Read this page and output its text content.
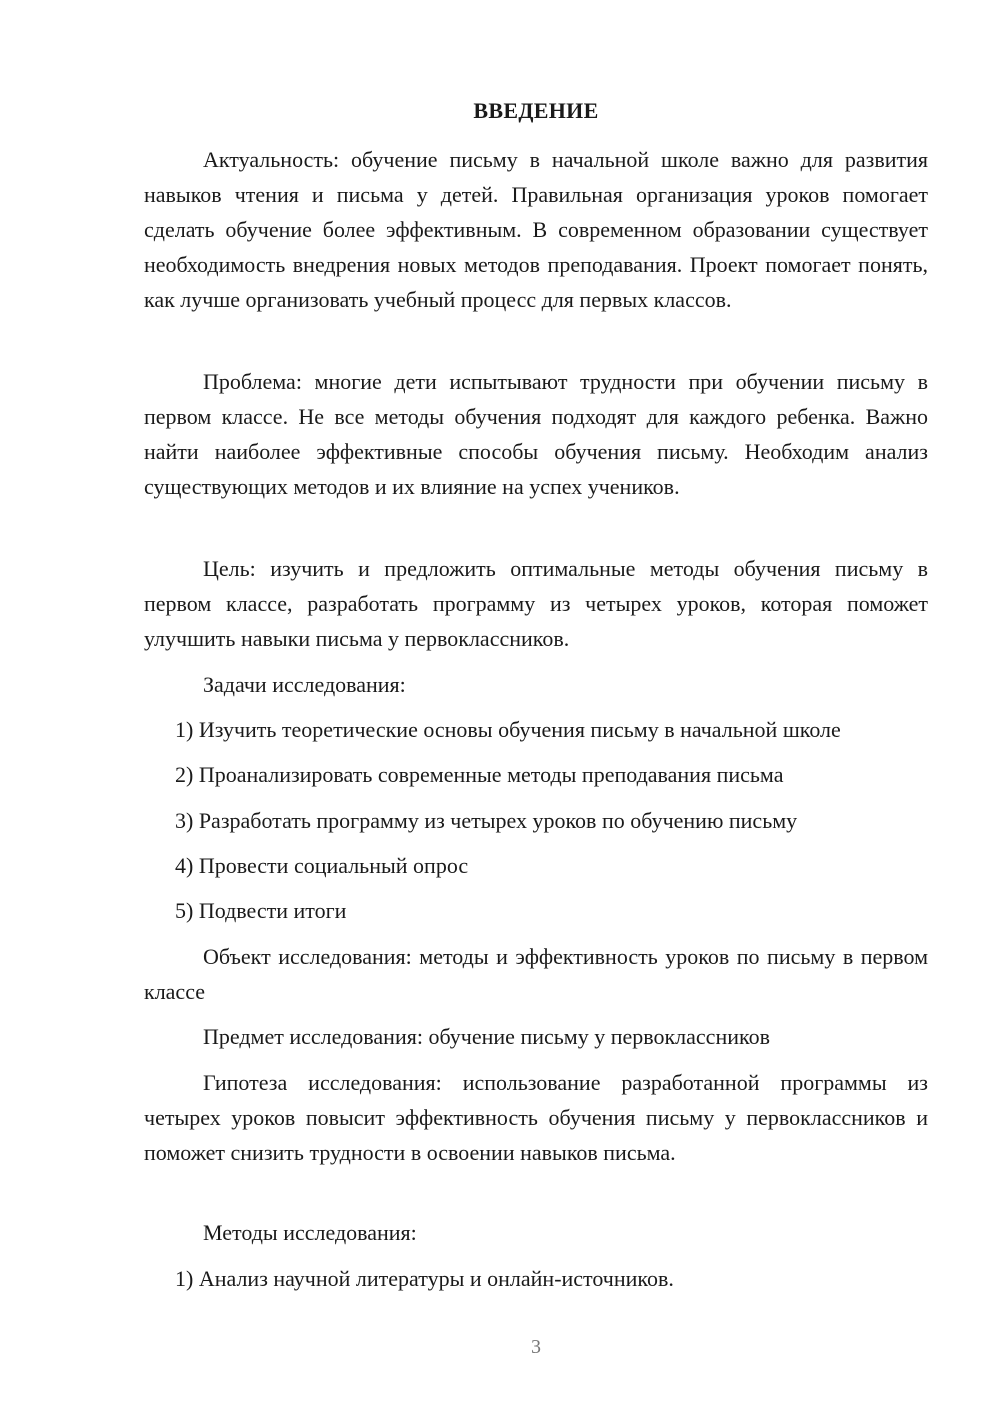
ВВЕДЕНИЕ

Актуальность: обучение письму в начальной школе важно для развития навыков чтения и письма у детей. Правильная организация уроков помогает сделать обучение более эффективным. В современном образовании существует необходимость внедрения новых методов преподавания. Проект помогает понять, как лучше организовать учебный процесс для первых классов.

Проблема: многие дети испытывают трудности при обучении письму в первом классе. Не все методы обучения подходят для каждого ребенка. Важно найти наиболее эффективные способы обучения письму. Необходим анализ существующих методов и их влияние на успех учеников.

Цель: изучить и предложить оптимальные методы обучения письму в первом классе, разработать программу из четырех уроков, которая поможет улучшить навыки письма у первоклассников.

Задачи исследования:
1) Изучить теоретические основы обучения письму в начальной школе
2) Проанализировать современные методы преподавания письма
3) Разработать программу из четырех уроков по обучению письму
4) Провести социальный опрос
5) Подвести итоги

Объект исследования: методы и эффективность уроков по письму в первом классе

Предмет исследования: обучение письму у первоклассников

Гипотеза исследования: использование разработанной программы из четырех уроков повысит эффективность обучения письму у первоклассников и поможет снизить трудности в освоении навыков письма.

Методы исследования:
1) Анализ научной литературы и онлайн-источников.
3
